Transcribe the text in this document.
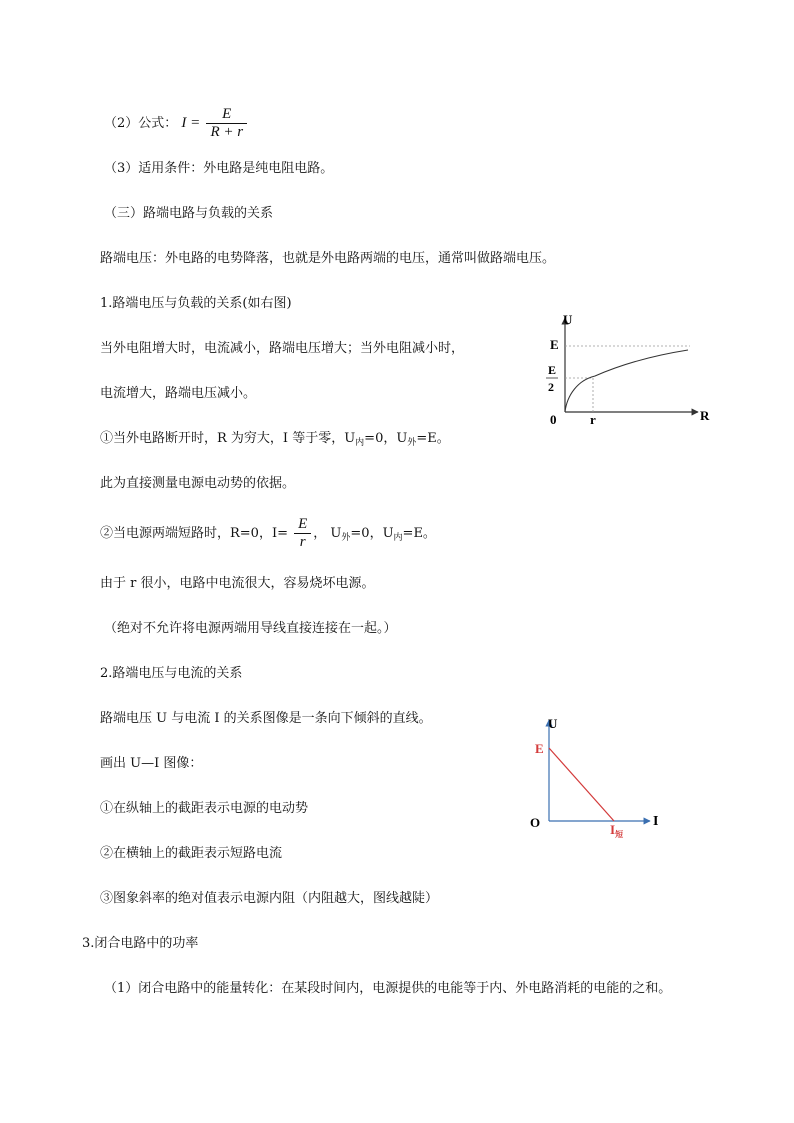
（2）公式： $I = \frac{E}{R + r}$
（3）适用条件：外电路是纯电阻电路。
（三）路端电路与负载的关系
路端电压：外电路的电势降落，也就是外电路两端的电压，通常叫做路端电压。
1.路端电压与负载的关系(如右图)
当外电阻增大时，电流减小，路端电压增大；当外电阻减小时，
电流增大，路端电压减小。
①当外电路断开时，R 为穷大，I 等于零，$U_内=0$，$U_外=E$。
此为直接测量电源电动势的依据。
②当电源两端短路时，R=0，$I= \frac{E}{r}$ ， $U_外=0$，$U_内=E$。
由于 r 很小，电路中电流很大，容易烧坏电源。
（绝对不允许将电源两端用导线直接连接在一起。）
U
R
0
E
E
2
r
2.路端电压与电流的关系
路端电压 U 与电流 I 的关系图像是一条向下倾斜的直线。
画出 U—I 图像：
①在纵轴上的截距表示电源的电动势
②在横轴上的截距表示短路电流
③图象斜率的绝对值表示电源内阻（内阻越大，图线越陡）
U
I
O
E
$I_短$
3.闭合电路中的功率
（1）闭合电路中的能量转化：在某段时间内，电源提供的电能等于内、外电路消耗的电能的之和。
